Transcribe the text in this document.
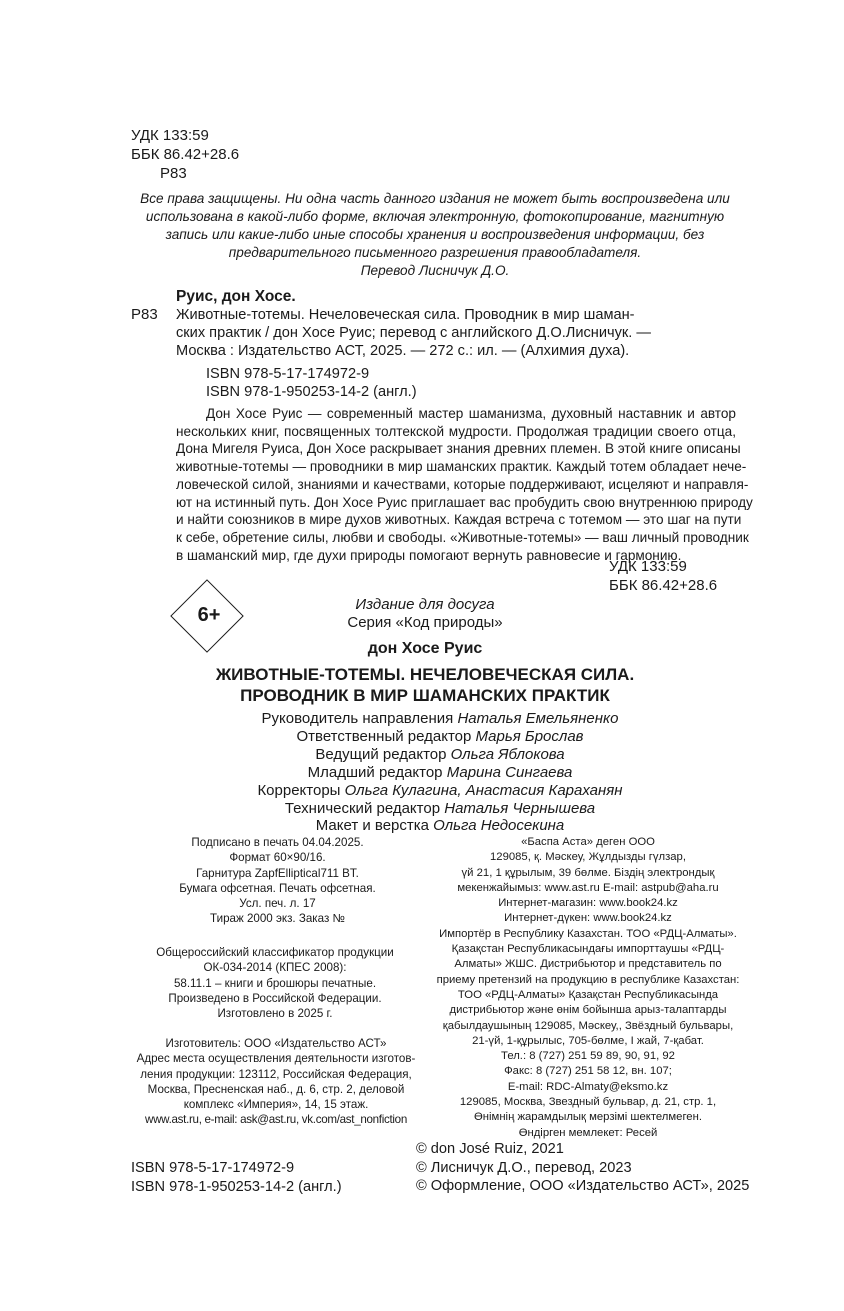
УДК 133:59
ББК 86.42+28.6
Р83
Все права защищены. Ни одна часть данного издания не может быть воспроизведена или
использована в какой-либо форме, включая электронную, фотокопирование, магнитную
запись или какие-либо иные способы хранения и воспроизведения информации, без
предварительного письменного разрешения правообладателя.
Перевод Лисничук Д.О.
Руис, дон Хосе.
Р83 Животные-тотемы. Нечеловеческая сила. Проводник в мир шаман-
ских практик / дон Хосе Руис; перевод с английского Д.О.Лисничук. —
Москва : Издательство АСТ, 2025. — 272 с.: ил. — (Алхимия духа).
ISBN 978-5-17-174972-9
ISBN 978-1-950253-14-2 (англ.)
Дон Хосе Руис — современный мастер шаманизма, духовный наставник и автор
нескольких книг, посвященных толтекской мудрости. Продолжая традиции своего отца,
Дона Мигеля Руиса, Дон Хосе раскрывает знания древних племен. В этой книге описаны
животные-тотемы — проводники в мир шаманских практик. Каждый тотем обладает нече-
ловеческой силой, знаниями и качествами, которые поддерживают, исцеляют и направля-
ют на истинный путь. Дон Хосе Руис приглашает вас пробудить свою внутреннюю природу
и найти союзников в мире духов животных. Каждая встреча с тотемом — это шаг на пути
к себе, обретение силы, любви и свободы. «Животные-тотемы» — ваш личный проводник
в шаманский мир, где духи природы помогают вернуть равновесие и гармонию.
УДК 133:59
ББК 86.42+28.6
6+	Издание для досуга
Серия «Код природы»
дон Хосе Руис
ЖИВОТНЫЕ-ТОТЕМЫ. НЕЧЕЛОВЕЧЕСКАЯ СИЛА.
ПРОВОДНИК В МИР ШАМАНСКИХ ПРАКТИК
Руководитель направления Наталья Емельяненко
Ответственный редактор Марья Брослав
Ведущий редактор Ольга Яблокова
Младший редактор Марина Сингаева
Корректоры Ольга Кулагина, Анастасия Караханян
Технический редактор Наталья Чернышева
Макет и верстка Ольга Недосекина
Подписано в печать 04.04.2025.
Формат 60×90/16.
Гарнитура ZapfElliptical711 BT.
Бумага офсетная. Печать офсетная.
Усл. печ. л. 17
Тираж 2000 экз. Заказ №
Общероссийский классификатор продукции
ОК-034-2014 (КПЕС 2008):
58.11.1 – книги и брошюры печатные.
Произведено в Российской Федерации.
Изготовлено в 2025 г.
Изготовитель: ООО «Издательство АСТ»
Адрес места осуществления деятельности изготов-
ления продукции: 123112, Российская Федерация,
Москва, Пресненская наб., д. 6, стр. 2, деловой
комплекс «Империя», 14, 15 этаж.
www.ast.ru, e-mail: ask@ast.ru, vk.com/ast_nonfiction
«Баспа Аста» деген ООО
129085, қ. Мәскеу, Жұлдызды гүлзар,
үй 21, 1 құрылым, 39 бөлме. Біздің электрондық
мекенжайымыз: www.ast.ru E-mail: astpub@aha.ru
Интернет-магазин: www.book24.kz
Интернет-дүкен: www.book24.kz
Импортёр в Республику Казахстан. ТОО «РДЦ-Алматы».
Қазақстан Республикасындағы импорттаушы «РДЦ-
Алматы» ЖШС. Дистрибьютор и представитель по
приему претензий на продукцию в республике Казахстан:
ТОО «РДЦ-Алматы» Қазақстан Республикасында
дистрибьютор және өнім бойынша арыз-талаптарды
қабылдаушының 129085, Мәскеу,, Звёздный бульвары,
21-үй, 1-құрылыс, 705-бөлме, I жай, 7-қабат.
Тел.: 8 (727) 251 59 89, 90, 91, 92
Факс: 8 (727) 251 58 12, вн. 107;
E-mail: RDC-Almaty@eksmo.kz
129085, Москва, Звездный бульвар, д. 21, стр. 1,
Өнімнің жарамдылық мерзімі шектелмеген.
Өндірген мемлекет: Ресей
© don José Ruiz, 2021
© Лисничук Д.О., перевод, 2023
© Оформление, ООО «Издательство АСТ», 2025
ISBN 978-5-17-174972-9
ISBN 978-1-950253-14-2 (англ.)
